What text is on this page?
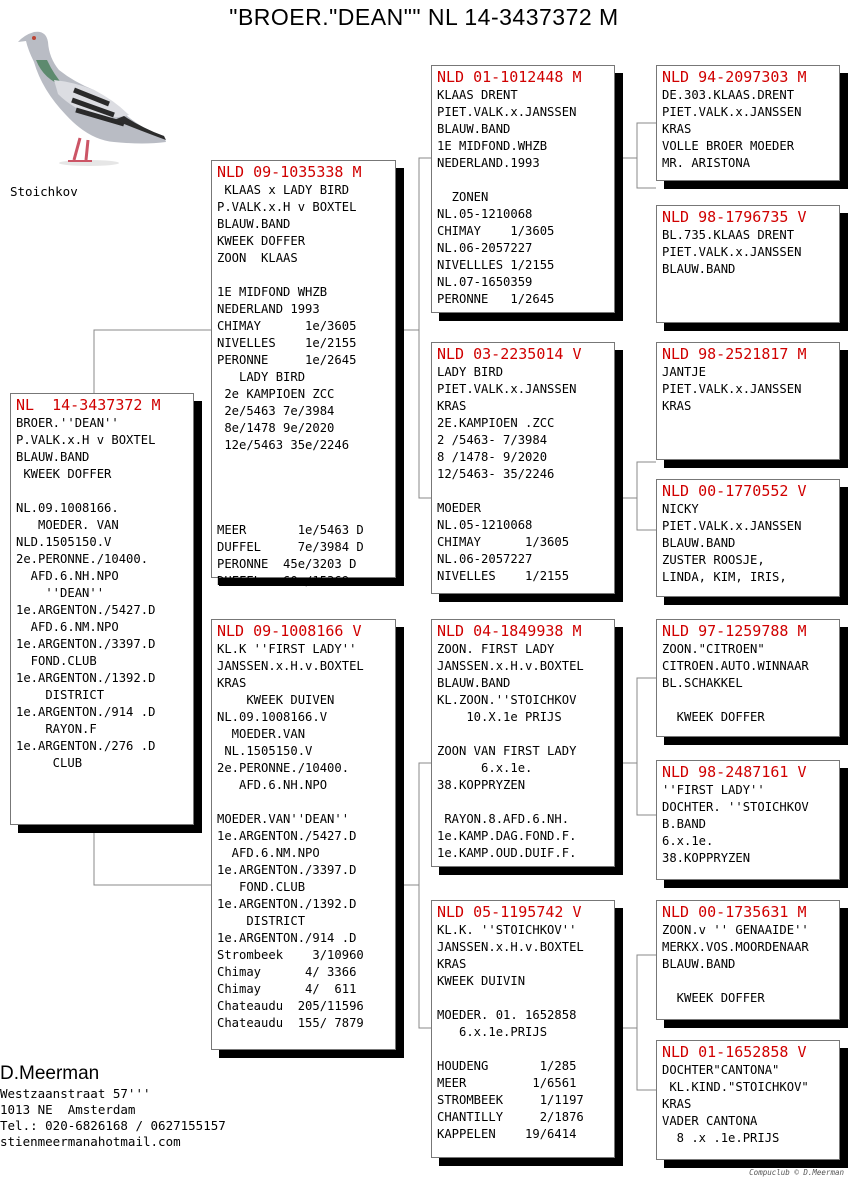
"BROER."DEAN"" NL 14-3437372 M
Stoichkov
NL  14-3437372 M
BROER.''DEAN''
P.VALK.x.H v BOXTEL
BLAUW.BAND
KWEEK DOFFER

NL.09.1008166.
MOEDER. VAN
NLD.1505150.V
2e.PERONNE./10400.
AFD.6.NH.NPO
''DEAN''
1e.ARGENTON./5427.D
AFD.6.NM.NPO
1e.ARGENTON./3397.D
FOND.CLUB
1e.ARGENTON./1392.D
DISTRICT
1e.ARGENTON./914 .D
RAYON.F
1e.ARGENTON./276 .D
CLUB
NLD 09-1035338 M
KLAAS x LADY BIRD
P.VALK.x.H v BOXTEL
BLAUW.BAND
KWEEK DOFFER
ZOON  KLAAS

1E MIDFOND WHZB
NEDERLAND 1993
CHIMAY      1e/3605
NIVELLES    1e/2155
PERONNE     1e/2645
LADY BIRD
2e KAMPIOEN ZCC
2e/5463 7e/3984
8e/1478 9e/2020
12e/5463 35e/2246

MEER       1e/5463 D
DUFFEL     7e/3984 D
PERONNE  45e/3203 D
DUFFEL   60e/15369
NLD 09-1008166 V
KL.K ''FIRST LADY''
JANSSEN.x.H.v.BOXTEL
KRAS
KWEEK DUIVEN
NL.09.1008166.V
MOEDER.VAN
NL.1505150.V
2e.PERONNE./10400.
AFD.6.NH.NPO

MOEDER.VAN''DEAN''
1e.ARGENTON./5427.D
AFD.6.NM.NPO
1e.ARGENTON./3397.D
FOND.CLUB
1e.ARGENTON./1392.D
DISTRICT
1e.ARGENTON./914 .D
Strombeek    3/10960
Chimay      4/ 3366
Chimay      4/  611
Chateaudu  205/11596
Chateaudu  155/ 7879
NLD 01-1012448 M
KLAAS DRENT
PIET.VALK.x.JANSSEN
BLAUW.BAND
1E MIDFOND.WHZB
NEDERLAND.1993

ZONEN
NL.05-1210068
CHIMAY    1/3605
NL.06-2057227
NIVELLLES 1/2155
NL.07-1650359
PERONNE   1/2645
NLD 03-2235014 V
LADY BIRD
PIET.VALK.x.JANSSEN
KRAS
2E.KAMPIOEN .ZCC
2 /5463- 7/3984
8 /1478- 9/2020
12/5463- 35/2246

MOEDER
NL.05-1210068
CHIMAY      1/3605
NL.06-2057227
NIVELLES    1/2155
NLD 04-1849938 M
ZOON. FIRST LADY
JANSSEN.x.H.v.BOXTEL
BLAUW.BAND
KL.ZOON.''STOICHKOV
10.X.1e PRIJS

ZOON VAN FIRST LADY
6.x.1e.
38.KOPPRYZEN

RAYON.8.AFD.6.NH.
1e.KAMP.DAG.FOND.F.
1e.KAMP.OUD.DUIF.F.
NLD 05-1195742 V
KL.K. ''STOICHKOV''
JANSSEN.x.H.v.BOXTEL
KRAS
KWEEK DUIVIN

MOEDER. 01. 1652858
6.x.1e.PRIJS

HOUDENG       1/285
MEER         1/6561
STROMBEEK     1/1197
CHANTILLY     2/1876
KAPPELEN    19/6414
NLD 94-2097303 M
DE.303.KLAAS.DRENT
PIET.VALK.x.JANSSEN
KRAS
VOLLE BROER MOEDER
MR. ARISTONA
NLD 98-1796735 V
BL.735.KLAAS DRENT
PIET.VALK.x.JANSSEN
BLAUW.BAND
NLD 98-2521817 M
JANTJE
PIET.VALK.x.JANSSEN
KRAS
NLD 00-1770552 V
NICKY
PIET.VALK.x.JANSSEN
BLAUW.BAND
ZUSTER ROOSJE,
LINDA, KIM, IRIS,
NLD 97-1259788 M
ZOON."CITROEN"
CITROEN.AUTO.WINNAAR
BL.SCHAKKEL

KWEEK DOFFER
NLD 98-2487161 V
''FIRST LADY''
DOCHTER. ''STOICHKOV
B.BAND
6.x.1e.
38.KOPPRYZEN
NLD 00-1735631 M
ZOON.v '' GENAAIDE''
MERKX.VOS.MOORDENAAR
BLAUW.BAND

KWEEK DOFFER
NLD 01-1652858 V
DOCHTER"CANTONA"
KL.KIND."STOICHKOV"
KRAS
VADER CANTONA
8 .x .1e.PRIJS
D.Meerman
Westzaanstraat 57'''
1013 NE  Amsterdam
Tel.: 020-6826168 / 0627155157
stienmeermanahotmail.com
Compuclub © D.Meerman
